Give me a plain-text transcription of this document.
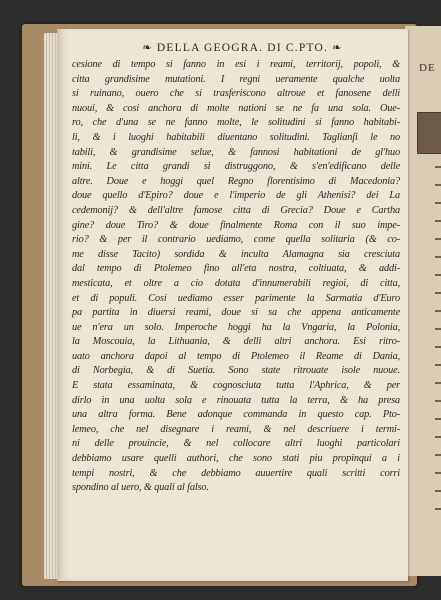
DE
❧ DELLA GEOGRA. DI C.PTO. ❧
cesione di tempo si fanno in esi i reami, territorij, popoli, &
citta grandisime mutationi. I regni ueramente qualche uolta
si ruinano, ouero che si trasferiscono altroue et fanosene delli
nuoui, & cosi anchora di molte nationi se ne fa una sola. Oue-
ro, che d'una se ne fanno molte, le solitudini si fanno habitabi-
li, & i luoghi habitabili diuentano solitudini. Taglianſi le no
tabili, & grandisime selue, & fannosi habitationi de gl'huo
mini. Le citta grandi si distruggono, & s'en'edificano delle
altre. Doue e hoggi quel Regno florentisimo di Macedonia?
doue quello d'Epiro? doue e l'imperio de gli Athenisi? dei La
cedemonij? & dell'altre famose citta di Grecia? Doue e Cartha
gine? doue Tiro? & doue finalmente Roma con il suo impe-
rio? & per il contrario uediamo, come quella solitaria (& co-
me disse Tacito) sordida & inculta Alamagna sia cresciuta
dal tempo di Ptolemeo fino all'eta nostra, coltiuata, & addi-
mesticata, et oltre a cio dotata d'innumerabili regioi, di citta,
et di populi. Cosi uediamo esser parimente la Sarmatia d'Euro
pa partita in diuersi reami, doue si sa che appena anticamente
ue n'era un solo. Imperoche hoggi ha la Vngaria, la Polonia,
la Moscouia, la Lithuania, & delli altri anchora. Esi ritro-
uato anchora dapoi al tempo di Ptolemeo il Reame di Dania,
di Norbegia, & di Suetia. Sono state ritrouate isole nuoue.
E stata essaminata, & cognosciuta tutta l'Aphrica, & per
dirlo in una uolta sola e rinouata tutta la terra, & ha presa
una altra forma. Bene adonque commanda in questo cap. Pto-
lemeo, che nel disegnare i reami, & nel descriuere i termi-
ni delle prouincie, & nel collocare altri luoghi particolari
debbiamo usare quelli authori, che sono stati piu propinqui a i
tempi nostri, & che debbiamo auuertire quali scritti corri
spondino al uero, & quali al falso.
